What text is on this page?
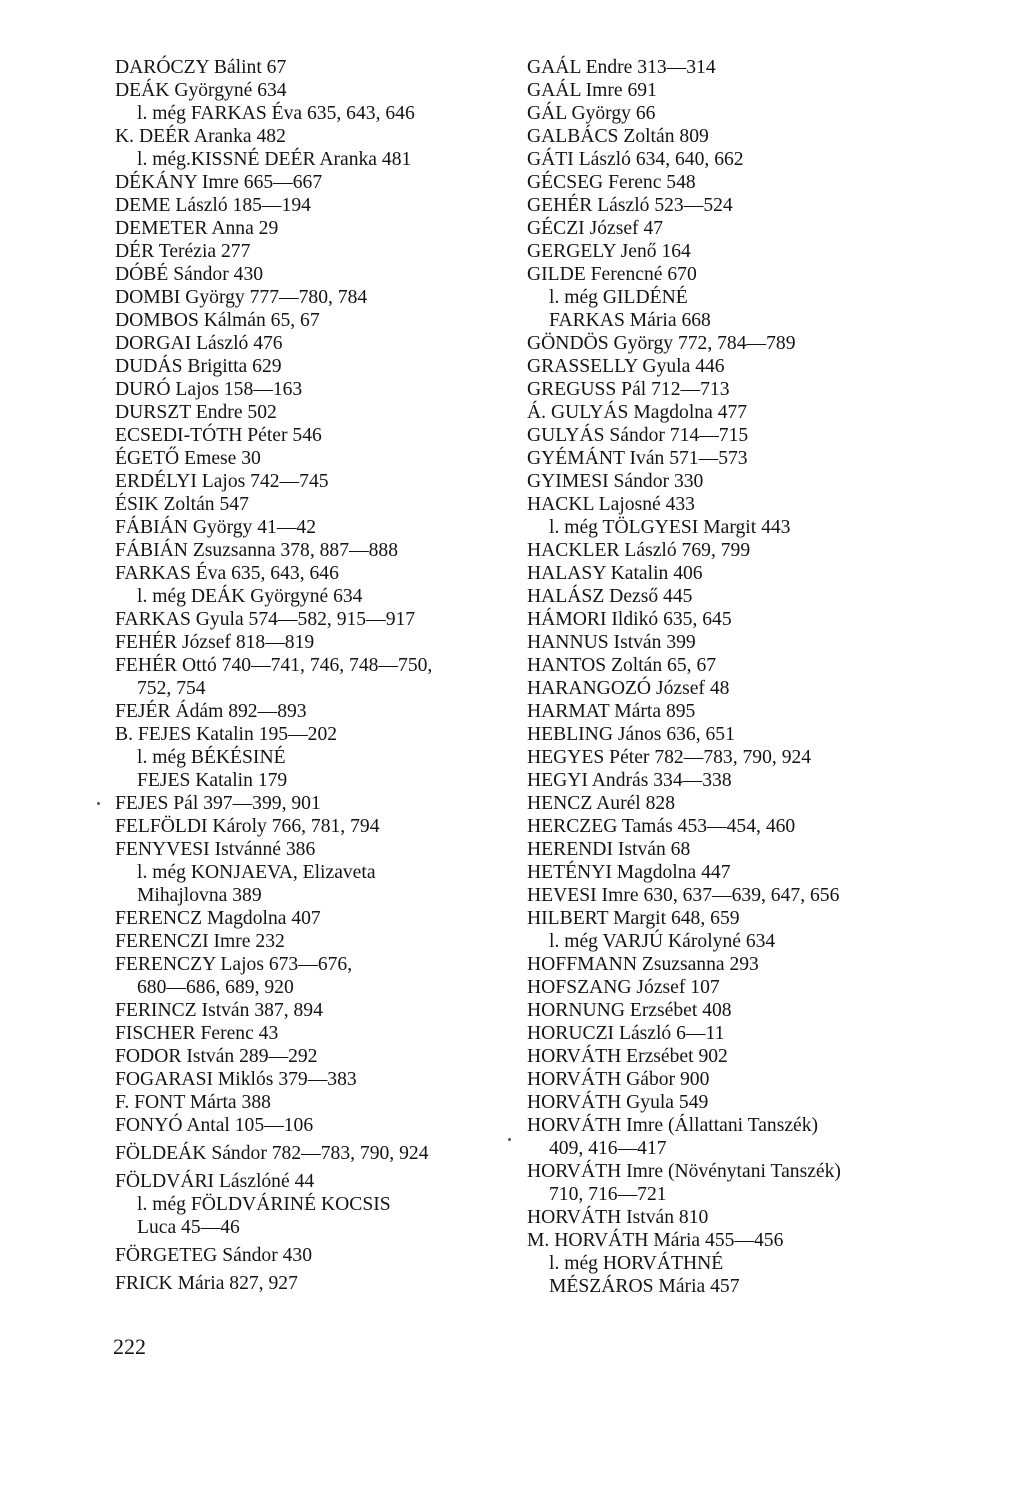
DARÓCZY Bálint 67
DEÁK Györgyné 634
l. még FARKAS Éva 635, 643, 646
K. DEÉR Aranka 482
l. még.KISSNÉ DEÉR Aranka 481
DÉKÁNY Imre 665—667
DEME László 185—194
DEMETER Anna 29
DÉR Terézia 277
DÓBÉ Sándor 430
DOMBI György 777—780, 784
DOMBOS Kálmán 65, 67
DORGAI László 476
DUDÁS Brigitta 629
DURÓ Lajos 158—163
DURSZT Endre 502
ECSEDI-TÓTH Péter 546
ÉGETŐ Emese 30
ERDÉLYI Lajos 742—745
ÉSIK Zoltán 547
FÁBIÁN György 41—42
FÁBIÁN Zsuzsanna 378, 887—888
FARKAS Éva 635, 643, 646
l. még DEÁK Györgyné 634
FARKAS Gyula 574—582, 915—917
FEHÉR József 818—819
FEHÉR Ottó 740—741, 746, 748—750,
752, 754
FEJÉR Ádám 892—893
B. FEJES Katalin 195—202
l. még BÉKÉSINÉ
FEJES Katalin 179
FEJES Pál 397—399, 901
FELFÖLDI Károly 766, 781, 794
FENYVESI Istvánné 386
l. még KONJAEVA, Elizaveta
Mihajlovna 389
FERENCZ Magdolna 407
FERENCZI Imre 232
FERENCZY Lajos 673—676,
680—686, 689, 920
FERINCZ István 387, 894
FISCHER Ferenc 43
FODOR István 289—292
FOGARASI Miklós 379—383
F. FONT Márta 388
FONYÓ Antal 105—106
FÖLDEÁK Sándor 782—783, 790, 924
FÖLDVÁRI Lászlóné 44
l. még FÖLDVÁRINÉ KOCSIS
Luca 45—46
FÖRGETEG Sándor 430
FRICK Mária 827, 927
GAÁL Endre 313—314
GAÁL Imre 691
GÁL György 66
GALBÁCS Zoltán 809
GÁTI László 634, 640, 662
GÉCSEG Ferenc 548
GEHÉR László 523—524
GÉCZI József 47
GERGELY Jenő 164
GILDE Ferencné 670
l. még GILDÉNÉ
FARKAS Mária 668
GÖNDÖS György 772, 784—789
GRASSELLY Gyula 446
GREGUSS Pál 712—713
Á. GULYÁS Magdolna 477
GULYÁS Sándor 714—715
GYÉMÁNT Iván 571—573
GYIMESI Sándor 330
HACKL Lajosné 433
l. még TÖLGYESI Margit 443
HACKLER László 769, 799
HALASY Katalin 406
HALÁSZ Dezső 445
HÁMORI Ildikó 635, 645
HANNUS István 399
HANTOS Zoltán 65, 67
HARANGOZÓ József 48
HARMAT Márta 895
HEBLING János 636, 651
HEGYES Péter 782—783, 790, 924
HEGYI András 334—338
HENCZ Aurél 828
HERCZEG Tamás 453—454, 460
HERENDI István 68
HETÉNYI Magdolna 447
HEVESI Imre 630, 637—639, 647, 656
HILBERT Margit 648, 659
l. még VARJÚ Károlyné 634
HOFFMANN Zsuzsanna 293
HOFSZANG József 107
HORNUNG Erzsébet 408
HORUCZI László 6—11
HORVÁTH Erzsébet 902
HORVÁTH Gábor 900
HORVÁTH Gyula 549
HORVÁTH Imre (Állattani Tanszék)
409, 416—417
HORVÁTH Imre (Növénytani Tanszék)
710, 716—721
HORVÁTH István 810
M. HORVÁTH Mária 455—456
l. még HORVÁTHNÉ
MÉSZÁROS Mária 457
222
